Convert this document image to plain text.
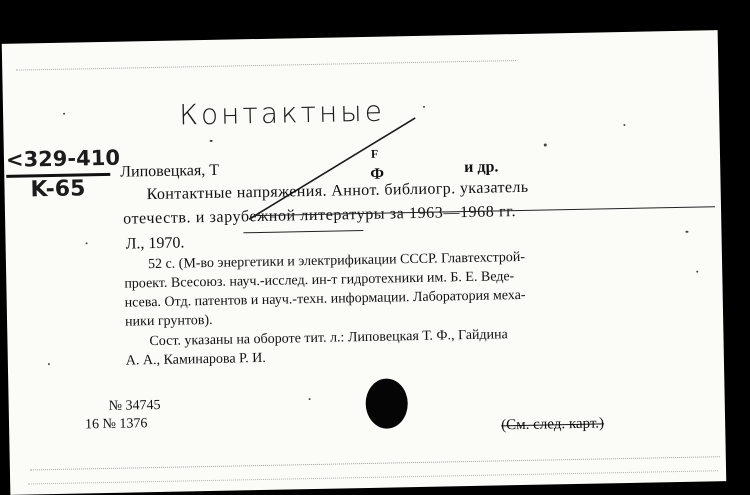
Контактные
<329-410
K-65
Липовецкая, Т
F
Ф	и др.
Контактные напряжения. Аннот. библиогр. указатель
отечеств. и зарубежной литературы за 1963—1968 гг.
Л., 1970.
52 с. (М-во энергетики и электрификации СССР. Главтехстрой-
проект. Всесоюз. науч.-исслед. ин-т гидротехники им. Б. Е. Веде-
нсева. Отд. патентов и науч.-техн. информации. Лаборатория меха-
ники грунтов).
Сост. указаны на обороте тит. л.: Липовецкая Т. Ф., Гайдина
А. А., Каминарова Р. И.
№ 34745
16 № 1376	(См. след. карт.)
